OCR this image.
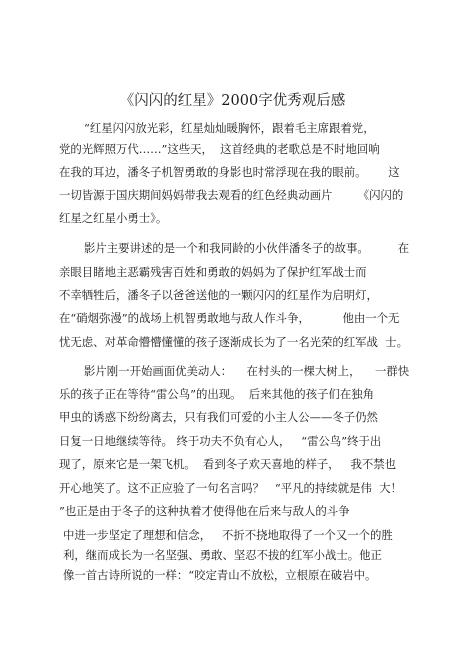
《闪闪的红星》2000字优秀观后感
“红星闪闪放光彩，红星灿灿暖胸怀，跟着毛主席跟着党，
党的光辉照万代……”这些天，  这首经典的老歌总是不时地回响
在我的耳边，潘冬子机智勇敢的身影也时常浮现在我的眼前。      这
一切皆源于国庆期间妈妈带我去观看的红色经典动画片       《闪闪的
红星之红星小勇士》。
影片主要讲述的是一个和我同龄的小伙伴潘冬子的故事。        在
亲眼目睹地主恶霸残害百姓和勇敢的妈妈为了保护红军战士而
不幸牺牲后，潘冬子以爸爸送他的一颗闪闪的红星作为启明灯，
在“硝烟弥漫”的战场上机智勇敢地与敌人作斗争，         他由一个无
忧无虑、对革命懵懵懂懂的孩子逐渐成长为了一名光荣的红军战  士。
影片刚一开始画面优美动人：    在村头的一棵大树上，    一群快
乐的孩子正在等待“雷公鸟”的出现。  后来其他的孩子们在独角
甲虫的诱惑下纷纷离去，只有我们可爱的小主人公——冬子仍然
日复一日地继续等待。 终于功夫不负有心人，   “雷公鸟”终于出
现了，原来它是一架飞机。  看到冬子欢天喜地的样子，   我不禁也
开心地笑了。这不正应验了一句名言吗？   “平凡的持续就是伟  大！
”也正是由于冬子的这种执着才使得他在后来与敌人的斗争
中进一步坚定了理想和信念，   不折不挠地取得了一个又一个的胜
利，继而成长为一名坚强、勇敢、坚忍不拔的红军小战士。他正
像一首古诗所说的一样：“咬定青山不放松，立根原在破岩中。
